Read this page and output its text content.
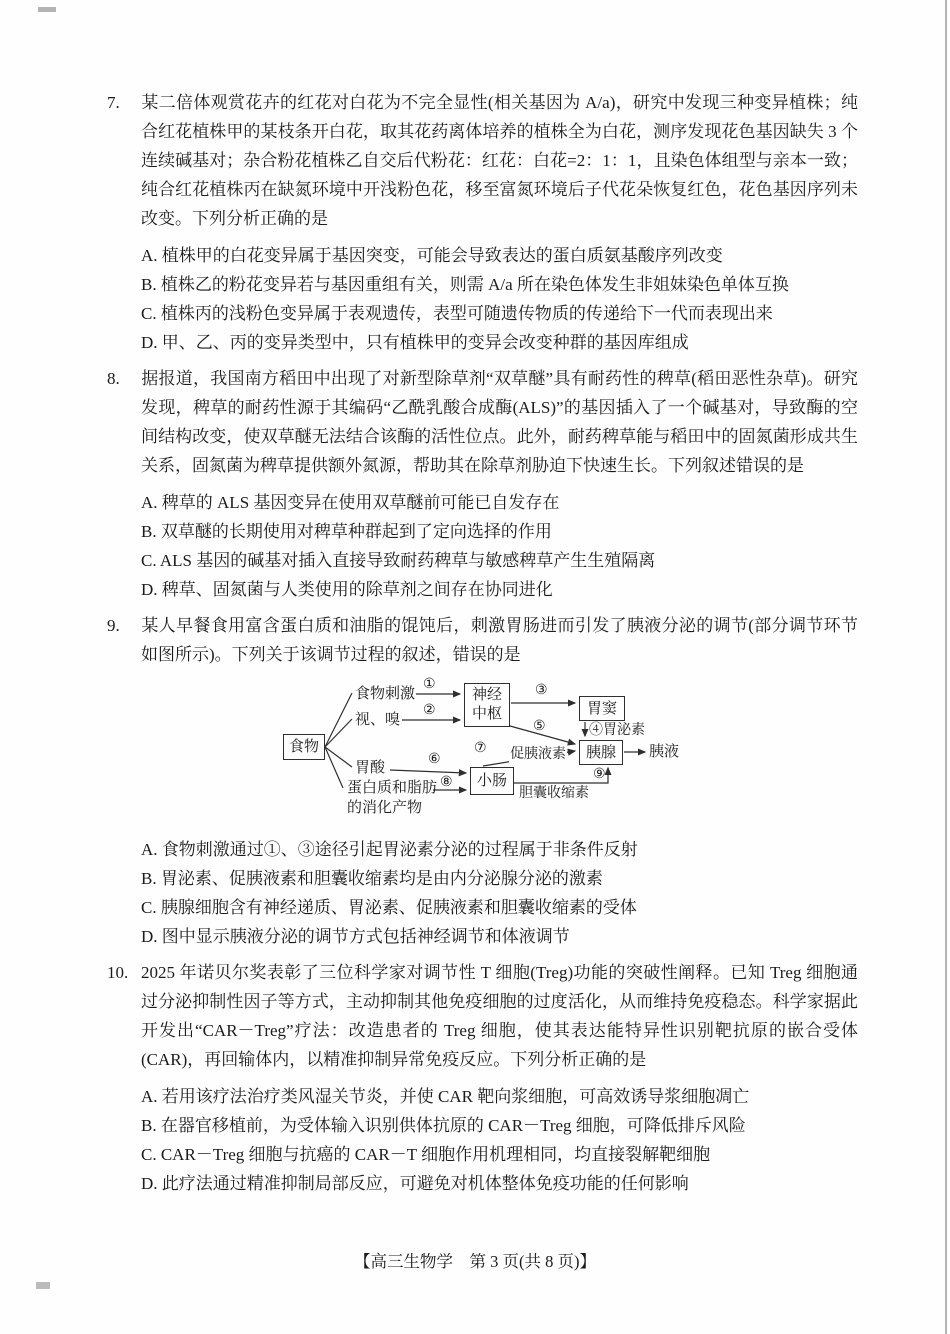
7. 某二倍体观赏花卉的红花对白花为不完全显性(相关基因为 A/a)，研究中发现三种变异植株；纯合红花植株甲的某枝条开白花，取其花药离体培养的植株全为白花，测序发现花色基因缺失 3 个连续碱基对；杂合粉花植株乙自交后代粉花：红花：白花=2：1：1，且染色体组型与亲本一致；纯合红花植株丙在缺氮环境中开浅粉色花，移至富氮环境后子代花朵恢复红色，花色基因序列未改变。下列分析正确的是

A. 植株甲的白花变异属于基因突变，可能会导致表达的蛋白质氨基酸序列改变
B. 植株乙的粉花变异若与基因重组有关，则需 A/a 所在染色体发生非姐妹染色单体互换
C. 植株丙的浅粉色变异属于表观遗传，表型可随遗传物质的传递给下一代而表现出来
D. 甲、乙、丙的变异类型中，只有植株甲的变异会改变种群的基因库组成

8. 据报道，我国南方稻田中出现了对新型除草剂“双草醚”具有耐药性的稗草(稻田恶性杂草)。研究发现，稗草的耐药性源于其编码“乙酰乳酸合成酶(ALS)”的基因插入了一个碱基对，导致酶的空间结构改变，使双草醚无法结合该酶的活性位点。此外，耐药稗草能与稻田中的固氮菌形成共生关系，固氮菌为稗草提供额外氮源，帮助其在除草剂胁迫下快速生长。下列叙述错误的是

A. 稗草的 ALS 基因变异在使用双草醚前可能已自发存在
B. 双草醚的长期使用对稗草种群起到了定向选择的作用
C. ALS 基因的碱基对插入直接导致耐药稗草与敏感稗草产生生殖隔离
D. 稗草、固氮菌与人类使用的除草剂之间存在协同进化

9. 某人早餐食用富含蛋白质和油脂的馄饨后，刺激胃肠进而引发了胰液分泌的调节(部分调节环节如图所示)。下列关于该调节过程的叙述，错误的是

食物
神经中枢	胃窦
胰腺
小肠
食物刺激
视、嗅
胃酸
蛋白质和脂肪
的消化产物
④胃泌素
促胰液素
胆囊收缩素
胰液
①
②
③
⑤
⑥
⑦
⑧
⑨
A. 食物刺激通过①、③途径引起胃泌素分泌的过程属于非条件反射
B. 胃泌素、促胰液素和胆囊收缩素均是由内分泌腺分泌的激素
C. 胰腺细胞含有神经递质、胃泌素、促胰液素和胆囊收缩素的受体
D. 图中显示胰液分泌的调节方式包括神经调节和体液调节

10. 2025 年诺贝尔奖表彰了三位科学家对调节性 T 细胞(Treg)功能的突破性阐释。已知 Treg 细胞通过分泌抑制性因子等方式，主动抑制其他免疫细胞的过度活化，从而维持免疫稳态。科学家据此开发出“CAR－Treg”疗法：改造患者的 Treg 细胞，使其表达能特异性识别靶抗原的嵌合受体(CAR)，再回输体内，以精准抑制异常免疫反应。下列分析正确的是

A. 若用该疗法治疗类风湿关节炎，并使 CAR 靶向浆细胞，可高效诱导浆细胞凋亡
B. 在器官移植前，为受体输入识别供体抗原的 CAR－Treg 细胞，可降低排斥风险
C. CAR－Treg 细胞与抗癌的 CAR－T 细胞作用机理相同，均直接裂解靶细胞
D. 此疗法通过精准抑制局部反应，可避免对机体整体免疫功能的任何影响
【高三生物学　第 3 页(共 8 页)】
